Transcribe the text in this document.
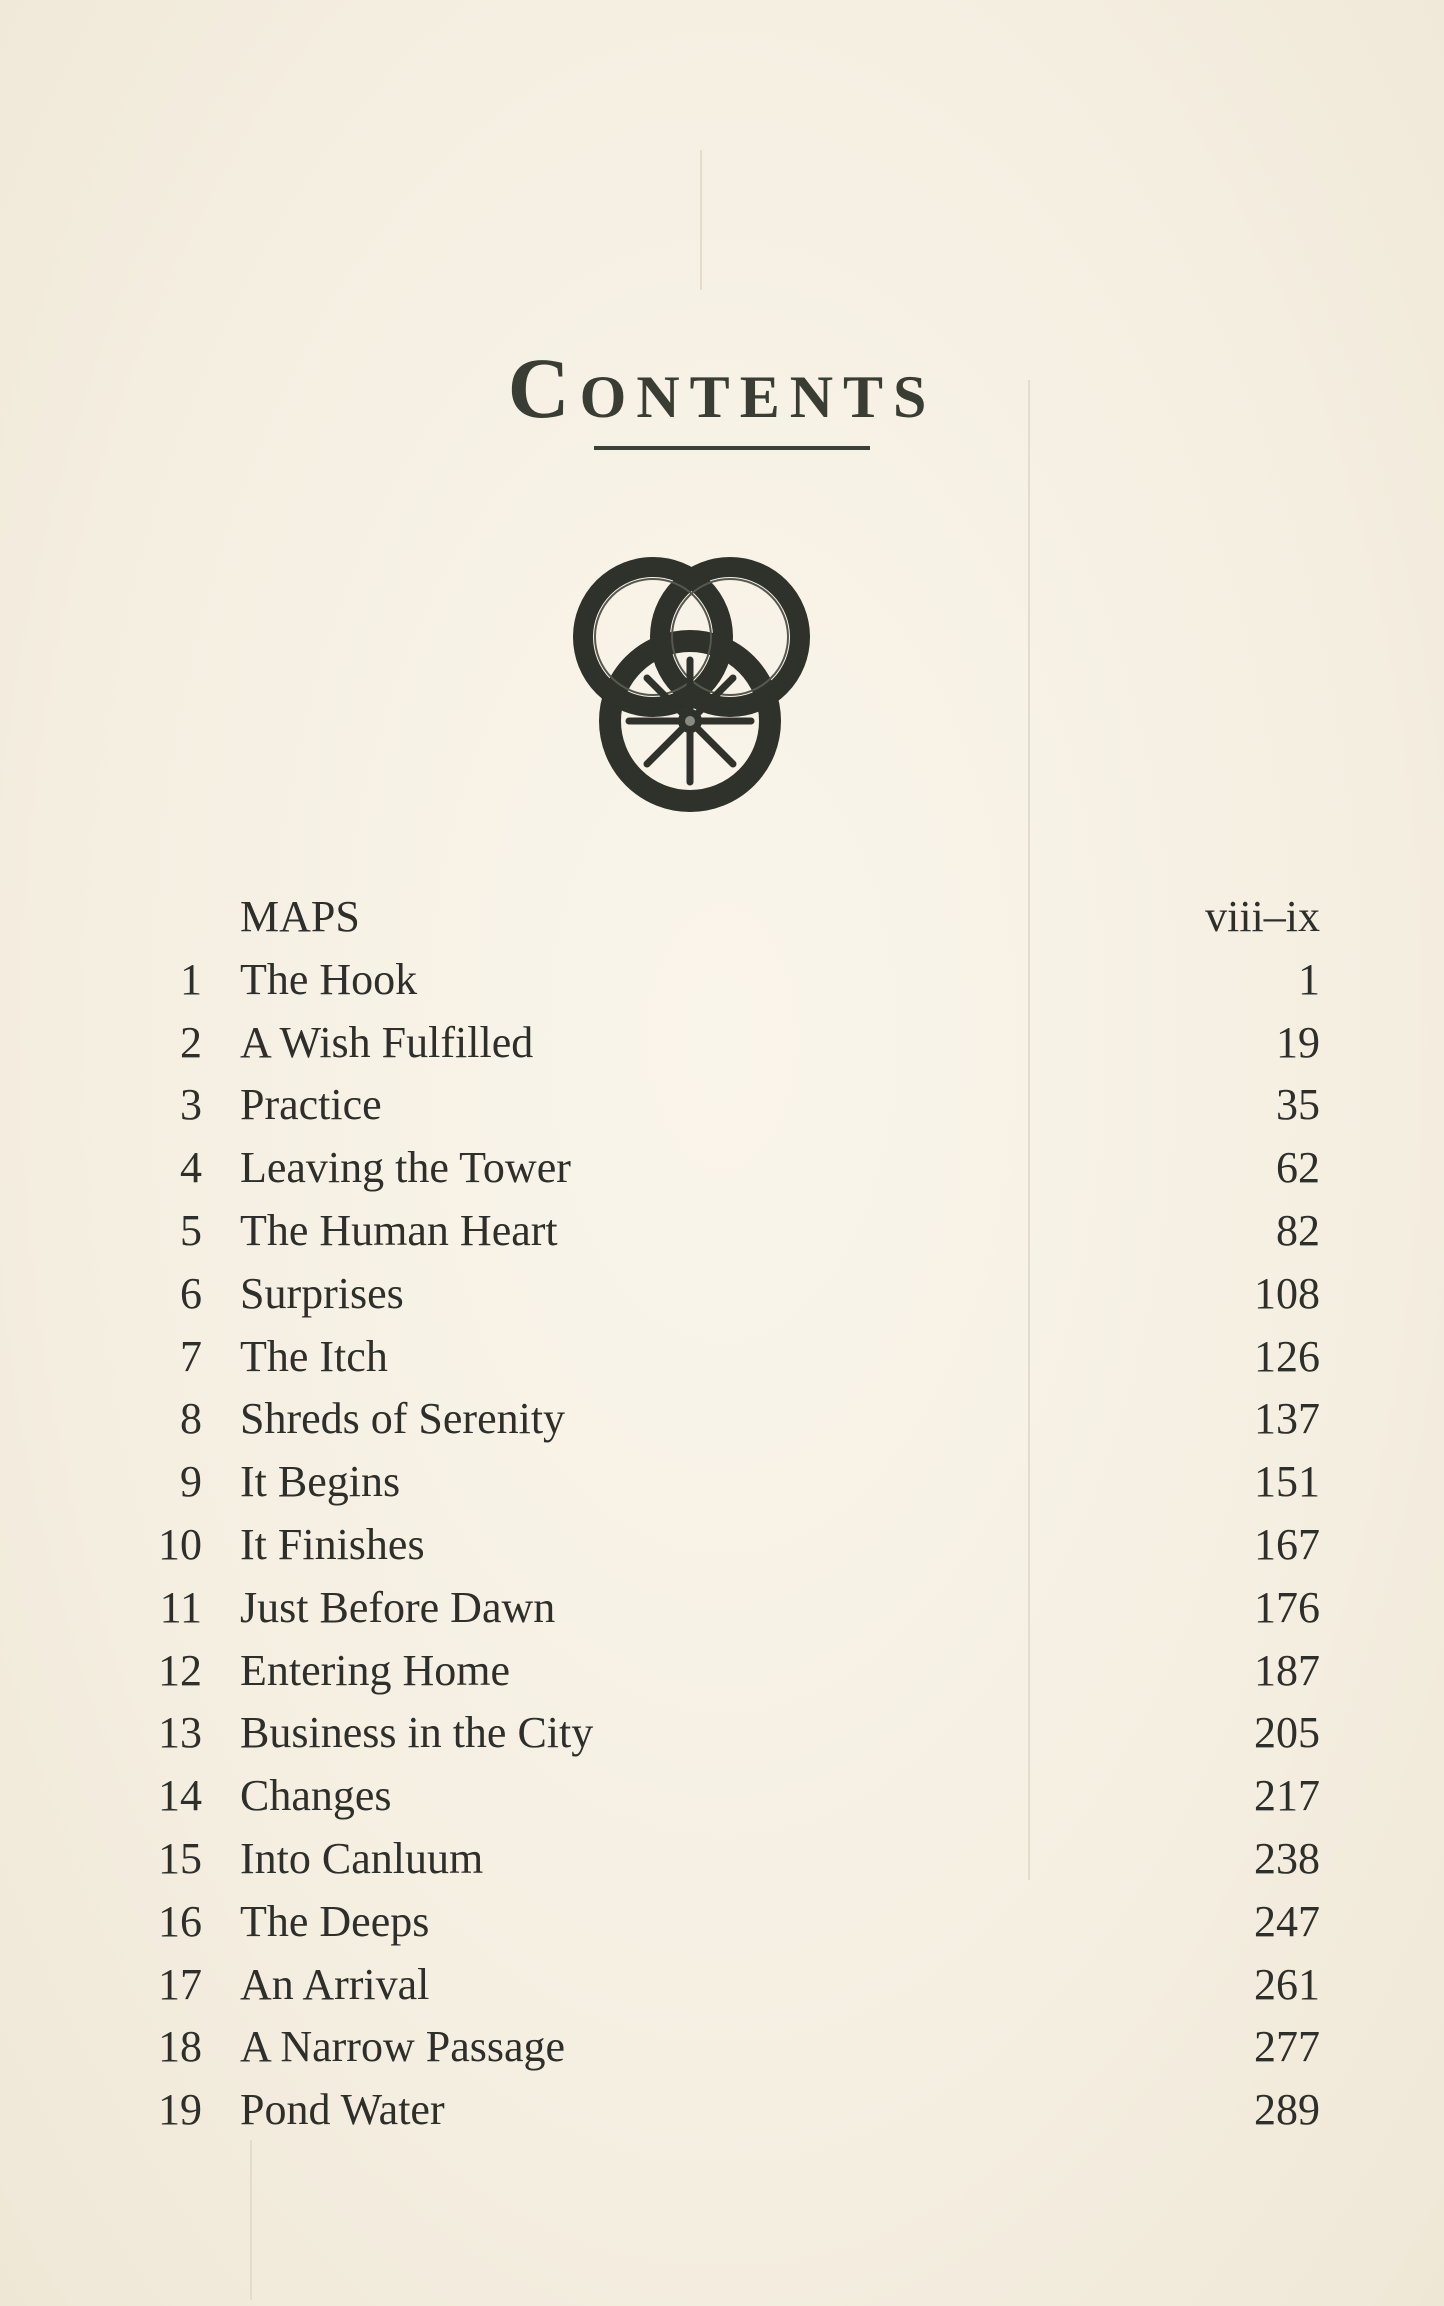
Contents
MAPS	viii–ix
1 The Hook	1
2 A Wish Fulfilled	19
3 Practice	35
4 Leaving the Tower	62
5 The Human Heart	82
6 Surprises	108
7 The Itch	126
8 Shreds of Serenity	137
9 It Begins	151
10 It Finishes	167
11 Just Before Dawn	176
12 Entering Home	187
13 Business in the City	205
14 Changes	217
15 Into Canluum	238
16 The Deeps	247
17 An Arrival	261
18 A Narrow Passage	277
19 Pond Water	289
